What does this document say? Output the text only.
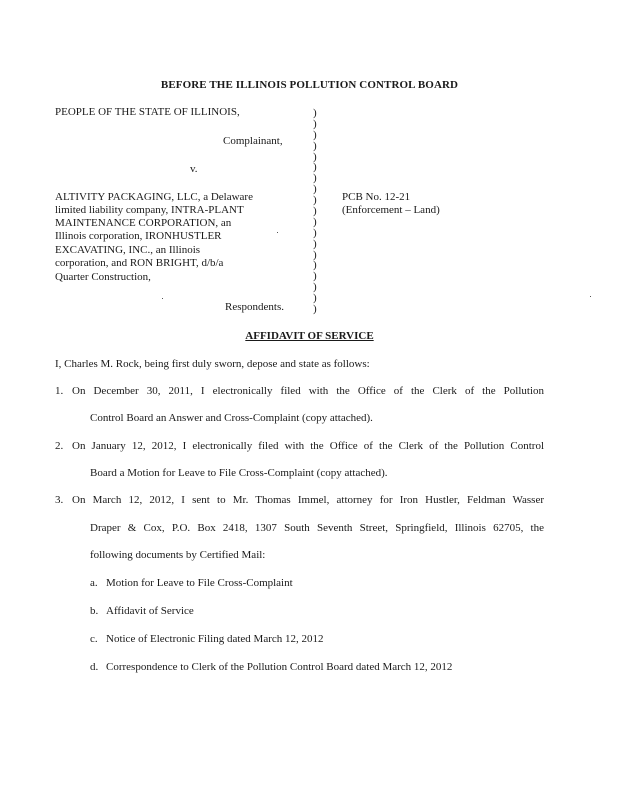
BEFORE THE ILLINOIS POLLUTION CONTROL BOARD
PEOPLE OF THE STATE OF ILLINOIS,
Complainant,
v.
ALTIVITY PACKAGING, LLC, a Delaware
limited liability company, INTRA-PLANT
MAINTENANCE CORPORATION, an
Illinois corporation, IRONHUSTLER
EXCAVATING, INC., an Illinois
corporation, and RON BRIGHT, d/b/a
Quarter Construction,
Respondents.
)
)
)
)
)
)
)
)
)
)
)
)
)
)
)
)
)
)
)
PCB No. 12-21
(Enforcement – Land)
AFFIDAVIT OF SERVICE
I, Charles M. Rock, being first duly sworn, depose and state as follows:
1. On December 30, 2011, I electronically filed with the Office of the Clerk of the Pollution
Control Board an Answer and Cross-Complaint (copy attached).
2. On January 12, 2012, I electronically filed with the Office of the Clerk of the Pollution Control
Board a Motion for Leave to File Cross-Complaint (copy attached).
3. On March 12, 2012, I sent to Mr. Thomas Immel, attorney for Iron Hustler, Feldman Wasser
Draper & Cox, P.O. Box 2418, 1307 South Seventh Street, Springfield, Illinois 62705, the
following documents by Certified Mail:
a. Motion for Leave to File Cross-Complaint
b. Affidavit of Service
c. Notice of Electronic Filing dated March 12, 2012
d. Correspondence to Clerk of the Pollution Control Board dated March 12, 2012
